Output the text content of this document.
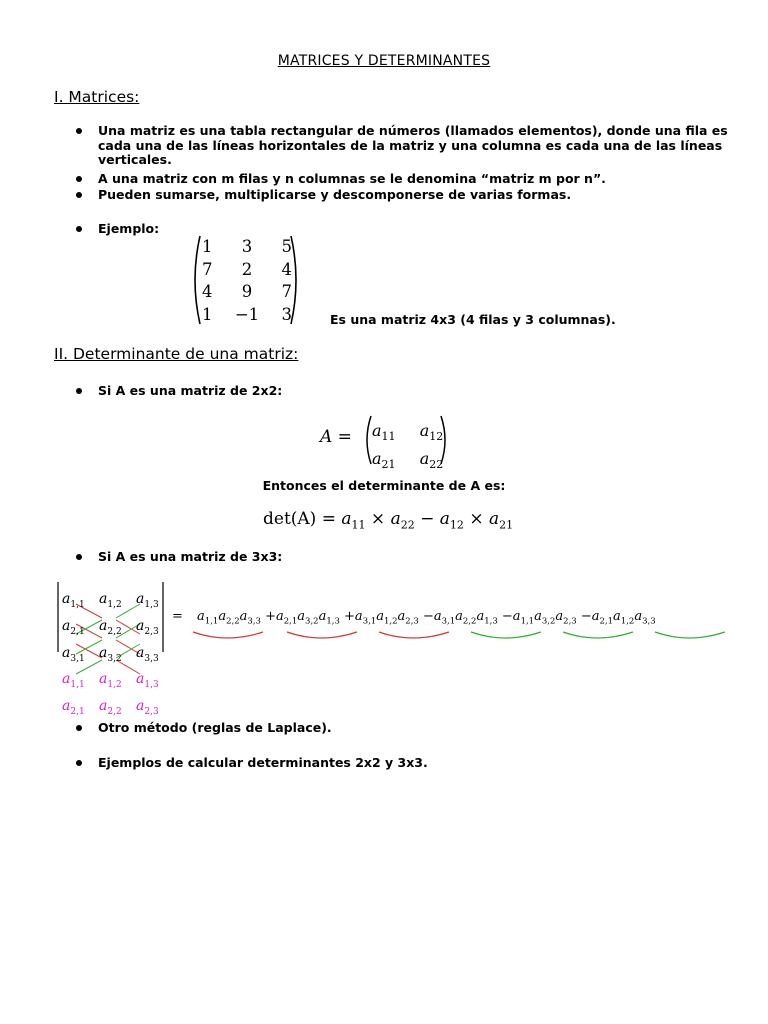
MATRICES Y DETERMINANTES
I. Matrices:
Una matriz es una tabla rectangular de números (llamados elementos), donde una fila es cada una de las líneas horizontales de la matriz y una columna es cada una de las líneas verticales.
A una matriz con m filas y n columnas se le denomina “matriz m por n”.
Pueden sumarse, multiplicarse y descomponerse de varias formas.
Ejemplo:
1	3	5
7	2	4
4	9	7
1	−1	3	Es una matriz 4x3 (4 filas y 3 columnas).
II. Determinante de una matriz:
Si A es una matriz de 2x2:
$A = a_{11}$ $a_{12}$
$a_{21}$ $a_{22}$
Entonces el determinante de A es:
$\det(A) = a_{11} \times a_{22} - a_{12} \times a_{21}$
Si A es una matriz de 3x3:
$a_{1,1}$	$a_{1,2}$	$a_{1,3}$
$a_{2,1}$	$a_{2,2}$	$a_{2,3}$
$a_{3,1}$	$a_{3,2}$	$a_{3,3}$
$a_{1,1}$	$a_{1,2}$	$a_{1,3}$
$a_{2,1}$	$a_{2,2}$	$a_{2,3}$
= $a_{1,1}a_{2,2}a_{3,3} +a_{2,1}a_{3,2}a_{1,3} +a_{3,1}a_{1,2}a_{2,3} -a_{3,1}a_{2,2}a_{1,3} -a_{1,1}a_{3,2}a_{2,3} -a_{2,1}a_{1,2}a_{3,3}$
Otro método (reglas de Laplace).
Ejemplos de calcular determinantes 2x2 y 3x3.
